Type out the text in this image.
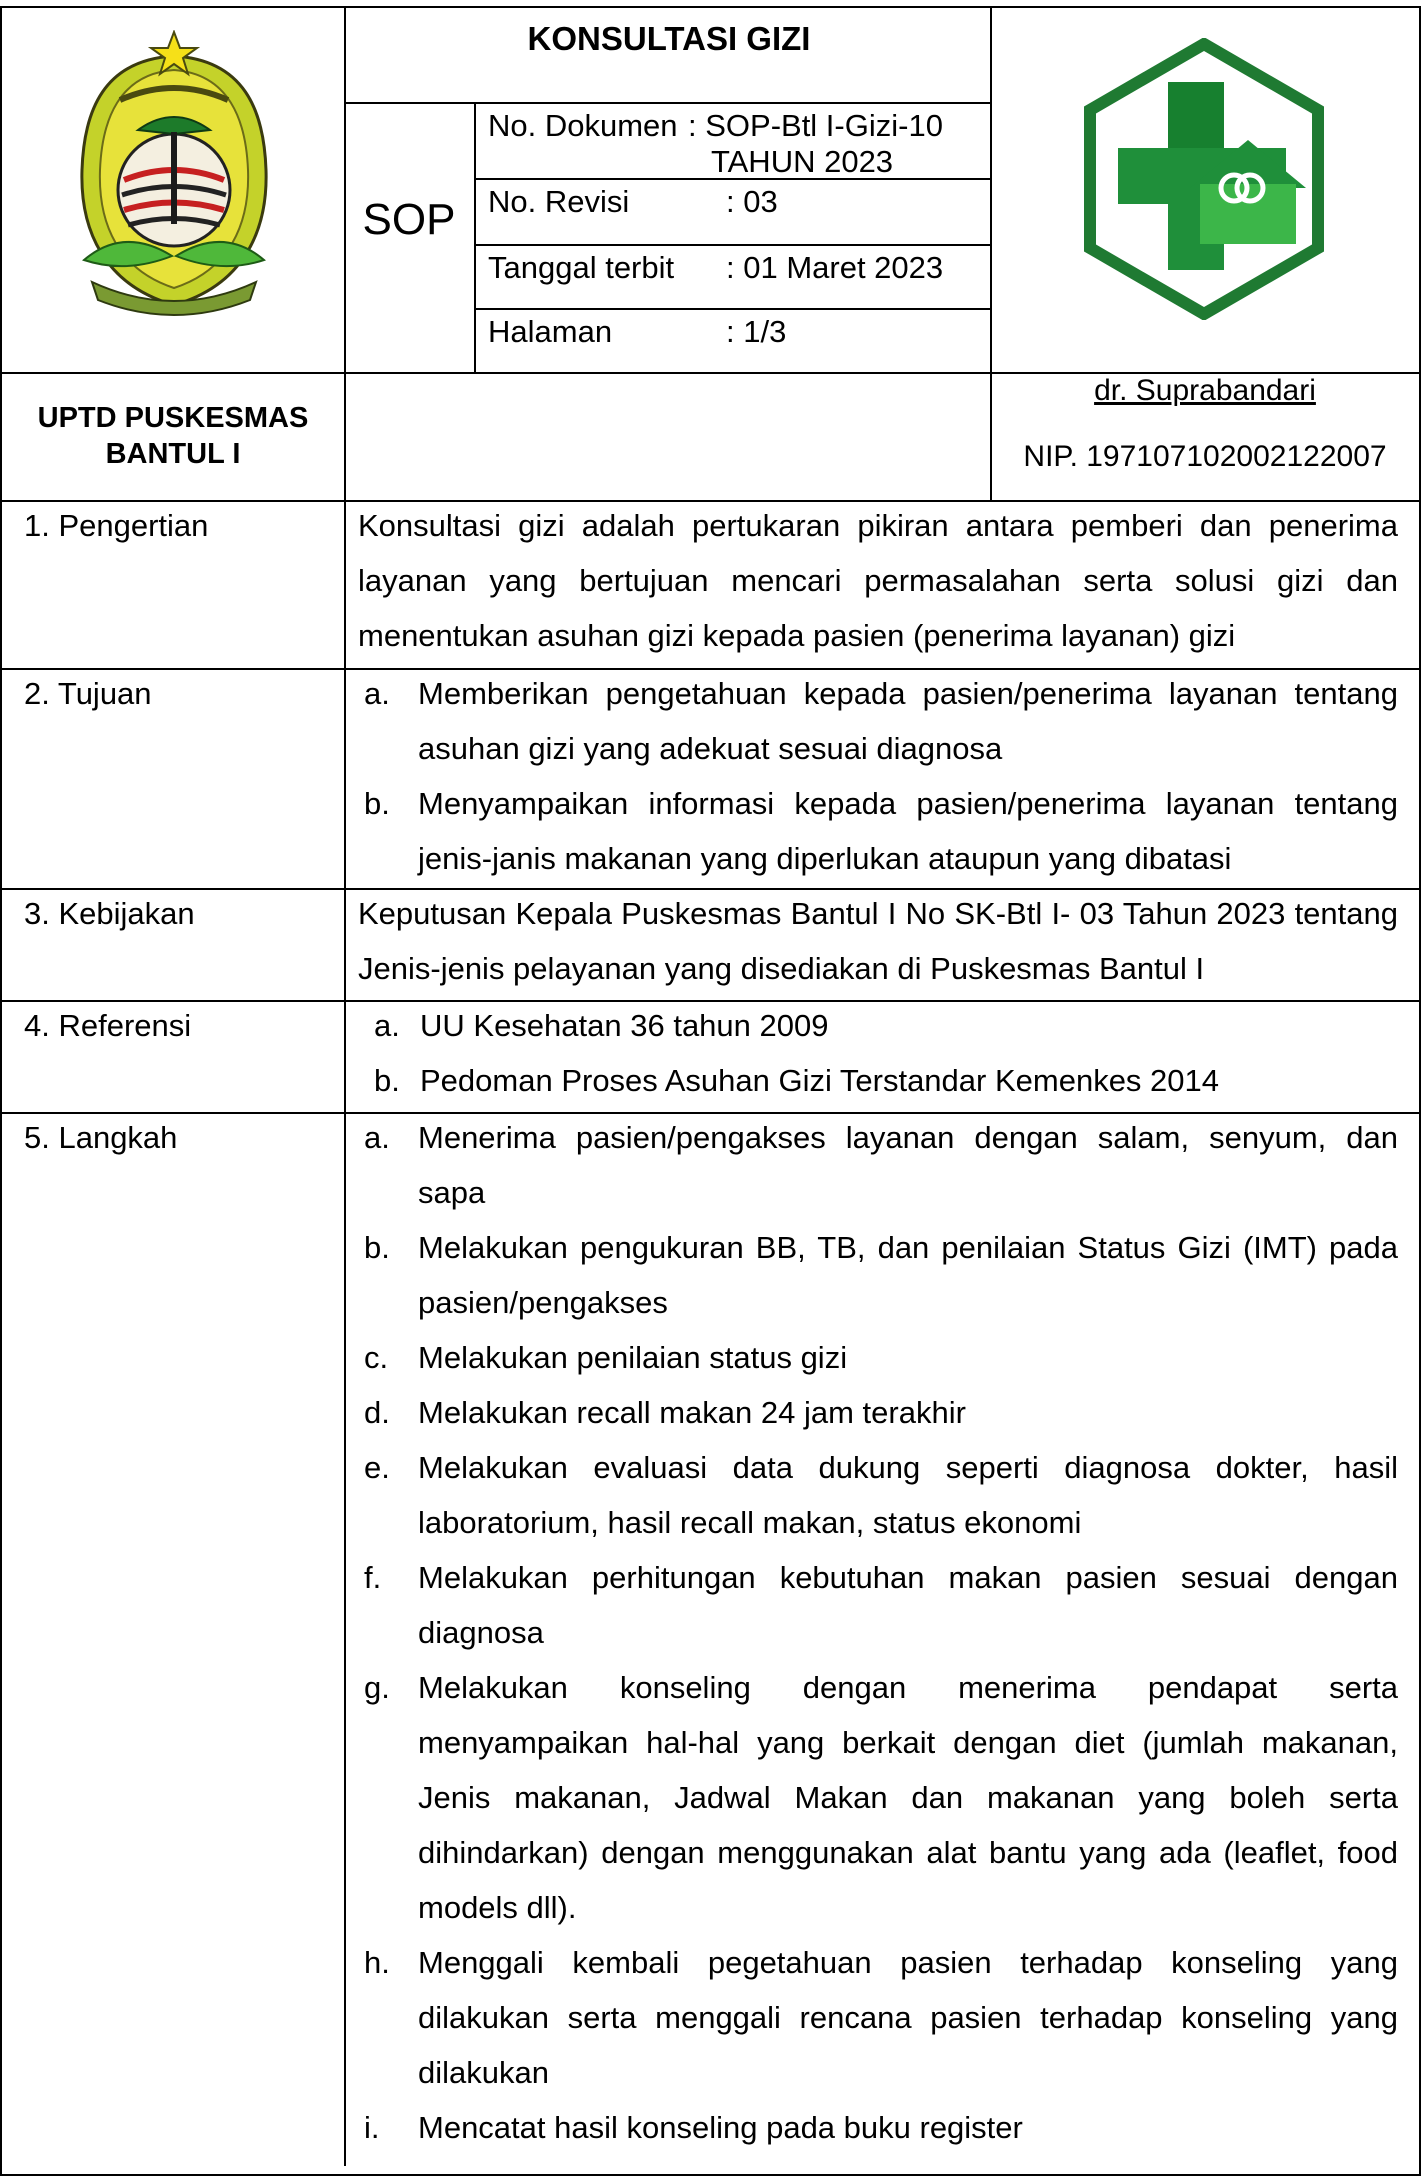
KONSULTASI GIZI
SOP
No. Dokumen : SOP-Btl I-Gizi-10
TAHUN 2023
No. Revisi	: 03
Tanggal terbit : 01 Maret 2023
Halaman	: 1/3
UPTD PUSKESMAS
BANTUL I
dr. Suprabandari
NIP. 197107102002122007
1. Pengertian	Konsultasi gizi adalah pertukaran pikiran antara pemberi dan penerima layanan yang bertujuan mencari permasalahan serta solusi gizi dan menentukan asuhan gizi kepada pasien (penerima layanan) gizi
2. Tujuan	a. Memberikan pengetahuan kepada pasien/penerima layanan tentang asuhan gizi yang adekuat sesuai diagnosa
b. Menyampaikan informasi kepada pasien/penerima layanan tentang jenis-janis makanan yang diperlukan ataupun yang dibatasi
3. Kebijakan	Keputusan Kepala Puskesmas Bantul I No SK-Btl I- 03 Tahun 2023 tentang Jenis-jenis pelayanan yang disediakan di Puskesmas Bantul I
4. Referensi	a. UU Kesehatan 36 tahun 2009
b. Pedoman Proses Asuhan Gizi Terstandar Kemenkes 2014
5. Langkah	a. Menerima pasien/pengakses layanan dengan salam, senyum, dan sapa
b. Melakukan pengukuran BB, TB, dan penilaian Status Gizi (IMT) pada pasien/pengakses
c. Melakukan penilaian status gizi
d. Melakukan recall makan 24 jam terakhir
e. Melakukan evaluasi data dukung seperti diagnosa dokter, hasil laboratorium, hasil recall makan, status ekonomi
f. Melakukan perhitungan kebutuhan makan pasien sesuai dengan diagnosa
g. Melakukan konseling dengan menerima pendapat serta menyampaikan hal-hal yang berkait dengan diet (jumlah makanan, Jenis makanan, Jadwal Makan dan makanan yang boleh serta dihindarkan) dengan menggunakan alat bantu yang ada (leaflet, food models dll).
h. Menggali kembali pegetahuan pasien terhadap konseling yang dilakukan serta menggali rencana pasien terhadap konseling yang dilakukan
i. Mencatat hasil konseling pada buku register
